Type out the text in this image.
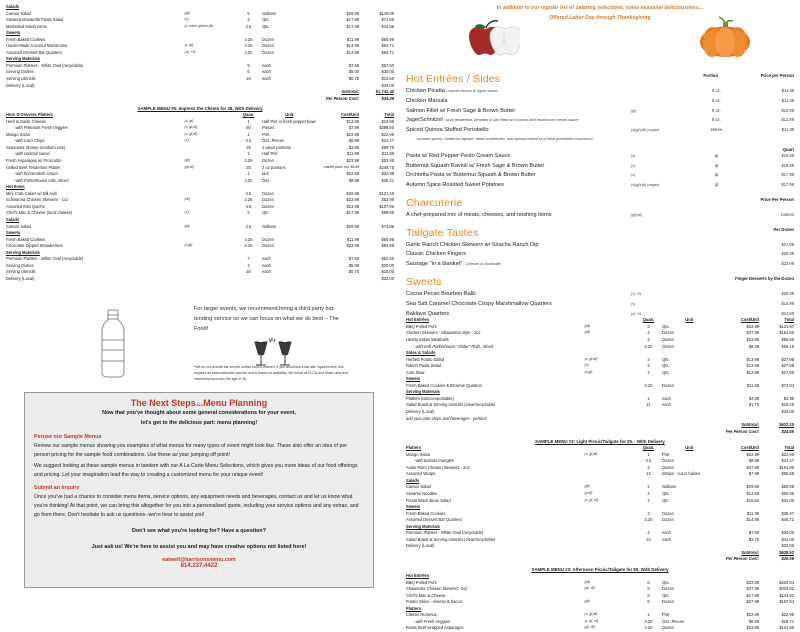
Salads					
Caesar Salad	(gf)	5	Gallons	$29.99	$149.95
Smoked Mozarella Pasta Salad	(v)	4	Qts.	$17.99	$71.96
Marinated Mushrooms	(v, trace gluten,df)	2.5	Qts.	$17.99	$44.98
Sweets					
Fresh Baked Cookies		4.25	Dozen	$11.99	$50.96
House-Made Coconut Macaroons	(v, gf)	4.25	Dozen	$14.99	$63.71
Assorted Dessert Bar Quarters	(vi) +N	4.25	Dozen	$14.99	$63.71
Serving Materials					
Premium Platters - White Oval (recyclable)		9	each	$7.50	$67.50
Serving Dishes		6	each	$5.00	$30.00
Serving Utensils		18	each	$0.75	$13.50
Delivery (Local)					$33.00
				Subtotal:	$1,742.40
				Per Person Cost:	$34.85
SAMPLE MENU #5: Impress the Clients for 25, With Delivery
Hors D'Oeuvres Platters		Quan.	Unit	Cost/Unit	Total
Herb & Garlic Cheese	(v, gf)	1	Half Pint in fresh pepper bowl	$13.99	$13.99
- with Premium Fresh Veggies	(v, gf,df)	50	Pieces	$7.99	$399.50
Mango Salsa	(v, gf,df)	1	Pint	$22.99	$22.99
- with Corn Chips	(v)	3.5	Doz. Pieces	$6.99	$24.47
Seasoned Shrimp (medium size)		25	2 piece portions	$3.99	$99.75
- with cocktail sauce		1	Half Pint	$11.99	$11.99
Fresh Asparagus w/ Proscuitto	(gf)	2.25	Dozen	$23.99	$53.98
Grilled Beef Tenderloin Platter	(gf,df)	25	2 oz portions	market price: est. $9.99	$249.75
- with horseradish cream		1	pint	$22.99	$22.99
- with Parkerhouse rolls, sliced		4.25	Doz	$8.99	$38.21
Hot Items					
Mini Crab Cakes w/ Dill Aioli		4.5	Dozen	$26.99	$121.46
Schwarma Chicken Skewers - 1oz	(df)	2.25	Dozen	$23.99	$53.98
Assorted Mini Quiche		4.5	Dozen	$23.99	$107.96
Chef's Mac & Cheese (local cheese)	(v)	5	Qts	$17.99	$89.95
Salads					
Caesar Salad	(gf)	2.5	Gallons	$29.99	$74.98
Sweets					
Fresh Baked Cookies		4.25	Dozen	$11.99	$50.96
Chocolate Dipped Strawberries	(v,gf)	2.25	Dozen	$23.99	$53.98
Serving Materials					
Premium Platters - White Oval (recyclable)		7	each	$7.50	$52.50
Serving Dishes		4	each	$5.00	$20.00
Serving Utensils		20	each	$0.75	$15.00
Delivery (Local)					$33.00
For larger events, we recommend hiring a third party bar-tending service so we can focus on what we do best – The Food!
*We do not provide bar service unless food is ordered. If you would like a bar with liquor/mixers, this requires an extra bartender and fee and is based on availbility. We follow all PLCB and State Laws and card everyone under the age of 35.
The Next Steps...Menu Planning
Now that you've thought about some general considerations for your event,
let's get to the delicious part: menu planning!
Peruse our Sample Menus
Review our sample menus showing you examples of what menus for many types of event might look like. These also offer an idea of per person pricing for the sample food combinations. Use these as your jumping off point!
We suggest looking at these sample menus in tandem with our A La Carte Menu Selections, which gives you more ideas of our food offerings and pricing. Let your imagination lead the way to creating a customized menu for your unique event!
Submit an Inquiry
Once you've had a chance to consider menu items, service options, any equipment needs and beverages, contact us and let us know what you're thinking! At that point, we can bring this altogether for you into a personalized quote, including your service options and any extras, and go from there. Don't hesitate to ask us questions--we're hear to assist you!
Don't see what you're looking for? Have a question?
Just ask us! We're here to assist you and may have creative options not listed here!
eatwell@harrisonsmenu.com
814.237.4422
In addition to our regular list of catering selections, some seasonal deliciousness...
Offered Labor Day through Thanksgiving
Hot Entrées / Sides	Portion	Price per Person
Chicken Picatta - classic lemon & caper sauce		8 oz.	$11.99
Chicken Marsala		8 oz.	$11.99
Salmon Fillet w/ Fresh Sage & Brown Butter	(gf)	8 oz.	$16.99
JagerSchnitzel - pork tenderloin, breaded & pan fried w/ a bacon and mushroom cream sauce		8 oz.	$12.99
Spiced Quinoa Stuffed Portobello	(v)(gf)(df) (vegan)	entrée	$11.99
-autumn spices, butternut squash, dried cranberries, and quinoa baked in a fresh portobello mushroom			
Quart
Pasta w/ Red Pepper Pesto Cream Sauce	(v)	qt	$19.99
Butternut Squash Ravioli w/ Fresh Sage & Brown Butter	(v)	qt	$19.99
Orchietta Pasta w/ Butternut Squash & Brown Butter	(v)	qt	$17.99
Autumn Spice Roasted Sweet Potatoes	(v)(gf)(df) (vegan)	qt	$17.99
Charcuterie	Price Per Person
A chef-prepared mix of meats, cheeses, and noshing items	(gf)(df)		custom
Tailgate Tastes	Per Dozen
Garlic Ranch Chicken Skewers w/ Siracha Ranch Dip			$27.99
Classic Chicken Fingers			$26.99
Sausage "in a blanket" - Chorizo or Andouille			$22.99
Sweets	Finger Desserts by the Dozen
Cocoa Pecan Bourbon Balls	(v) +N		$26.99
Sea Salt Caramel Chocolate Crispy Marshmallow Quarters	(v)		$14.99
Baklava Quarters	(v) +N		$14.99
Hot Entrées		Quan.	Unit	Cost/Unit	Total
BBQ Pulled Pork	(df)	3	Qts.	$33.99	$121.97
Chicken Skewers - Shawarma style - 2oz	(df)	4	Dozen	$37.99	$151.96
Hearty Italian Meatballs		4	Dozen	$23.99	$95.96
- with Soft Parkerhouse "Slider" Rolls, sliced		6.25	Dozen	$8.99	$56.19
Sides & Salads					
Herbed Potato Salad	(v, gf,df)	2	Qts.	$13.99	$27.98
Ranch Pasta Salad	(v)	2	Qts.	$13.99	$27.98
Cole Slaw	(v,gf)	2	Qts.	$13.99	$27.98
Sweets					
Fresh Baked Cookies & Brownie Quarters		6.25	Dozen	$11.99	$74.94
Serving Materials					
Platters (tan/compostable)		1	each	$4.99	$4.99
Salad Bowls & Serving Utensils (clear/recyclable)		11	each	$1.75	$19.25
Delivery (Local)					$33.00
add your own chips and beverages - perfect!					
				Subtotal:	$622.20
				Per Person Cost:	$24.89
SAMPLE MENU #2: Light Picnic/Tailgate for 25. - With Delivery
Platters		Quan.	Unit	Cost/Unit	Total
Mango Salsa	(v, gf,df)	1	Pint	$22.99	$22.99
- with tostada triangles		3.5	Dozen	$8.99	$31.47
Asian Plum Chicken Skewers - 2oz		4	Dozen	$37.99	$151.96
Assorted Wraps		12	Wraps - cut in halves	$7.99	$95.88
Salads					
Caesar Salad	(gf)	2	Gallons	$29.99	$59.98
Sesame Noodles	(v,df)	4	Qts.	$13.99	$55.96
Fiesta Black Bean Salad	(v, gf, df)	2	Qts	$15.50	$31.00
Sweets					
Fresh Baked Cookies		3	Dozen	$11.99	$35.97
Assorted Dessert Bar Quarters		3.25	Dozen	$14.99	$48.72
Serving Materials					
Premium Platters - White Oval (recyclable)		4	each	$7.50	$30.00
Salad Bowls & Serving Utensils (clear/recyclable)		24	each	$1.75	$42.00
Delivery (Local)					$33.00
				Subtotal:	$638.92
				Per Person Cost:	$25.56
SAMPLE MENU #3: Afternoon Picnic/Tailgate for 50, With Delivery
Hot Entrées					
BBQ Pulled Pork	(df)	6	Qts.	$33.99	$203.94
Shawarma Chicken Skewers -2oz	(gf, df)	8	Dozen	$37.99	$303.92
Chef's Mac & Cheese		8	Qts.	$17.99	$143.92
Potato Skins - cheese & bacon	(gf)	6	Dozen	$27.99	$167.94
Platters					
Classic Hummus	(v, gf,df)	1	Pint	$22.99	$22.99
- with Fresh Veggies	(v, gf, df)	4.25	Doz. Pieces	$6.99	$29.71
Roast Beef wrapped Asparagus	(gf, df)	4.25	Dozen	$23.99	$101.96
